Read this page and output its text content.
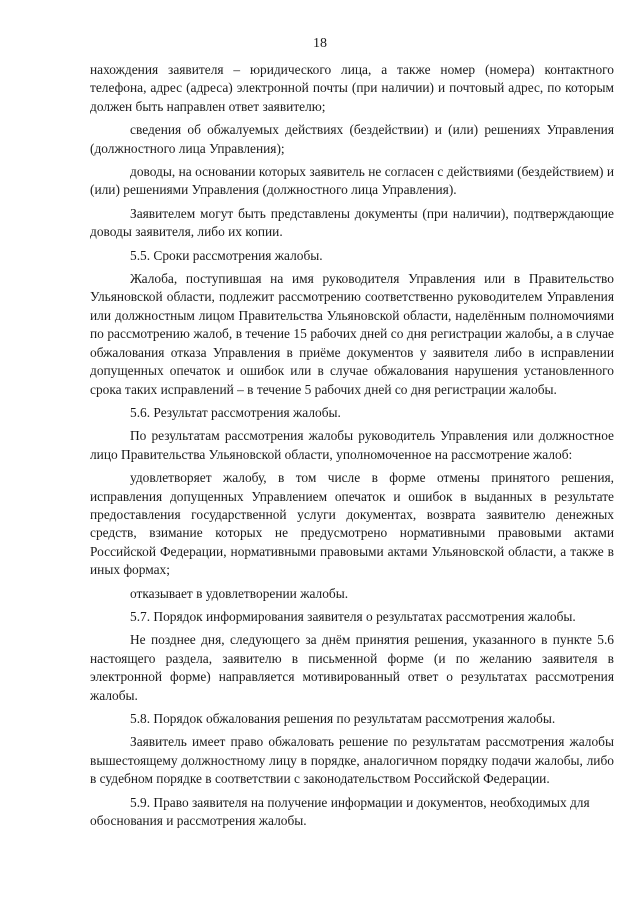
18

нахождения заявителя – юридического лица, а также номер (номера) контактного телефона, адрес (адреса) электронной почты (при наличии) и почтовый адрес, по которым должен быть направлен ответ заявителю;

сведения об обжалуемых действиях (бездействии) и (или) решениях Управления (должностного лица Управления);

доводы, на основании которых заявитель не согласен с действиями (бездействием) и (или) решениями Управления (должностного лица Управления).

Заявителем могут быть представлены документы (при наличии), подтверждающие доводы заявителя, либо их копии.

5.5. Сроки рассмотрения жалобы.

Жалоба, поступившая на имя руководителя Управления или в Правительство Ульяновской области, подлежит рассмотрению соответственно руководителем Управления или должностным лицом Правительства Ульяновской области, наделённым полномочиями по рассмотрению жалоб, в течение 15 рабочих дней со дня регистрации жалобы, а в случае обжалования отказа Управления в приёме документов у заявителя либо в исправлении допущенных опечаток и ошибок или в случае обжалования нарушения установленного срока таких исправлений – в течение 5 рабочих дней со дня регистрации жалобы.

5.6. Результат рассмотрения жалобы.

По результатам рассмотрения жалобы руководитель Управления или должностное лицо Правительства Ульяновской области, уполномоченное на рассмотрение жалоб:

удовлетворяет жалобу, в том числе в форме отмены принятого решения, исправления допущенных Управлением опечаток и ошибок в выданных в результате предоставления государственной услуги документах, возврата заявителю денежных средств, взимание которых не предусмотрено нормативными правовыми актами Российской Федерации, нормативными правовыми актами Ульяновской области, а также в иных формах;

отказывает в удовлетворении жалобы.

5.7. Порядок информирования заявителя о результатах рассмотрения жалобы.

Не позднее дня, следующего за днём принятия решения, указанного в пункте 5.6 настоящего раздела, заявителю в письменной форме (и по желанию заявителя в электронной форме) направляется мотивированный ответ о результатах рассмотрения жалобы.

5.8. Порядок обжалования решения по результатам рассмотрения жалобы.

Заявитель имеет право обжаловать решение по результатам рассмотрения жалобы вышестоящему должностному лицу в порядке, аналогичном порядку подачи жалобы, либо в судебном порядке в соответствии с законодательством Российской Федерации.

5.9. Право заявителя на получение информации и документов, необходимых для обоснования и рассмотрения жалобы.
